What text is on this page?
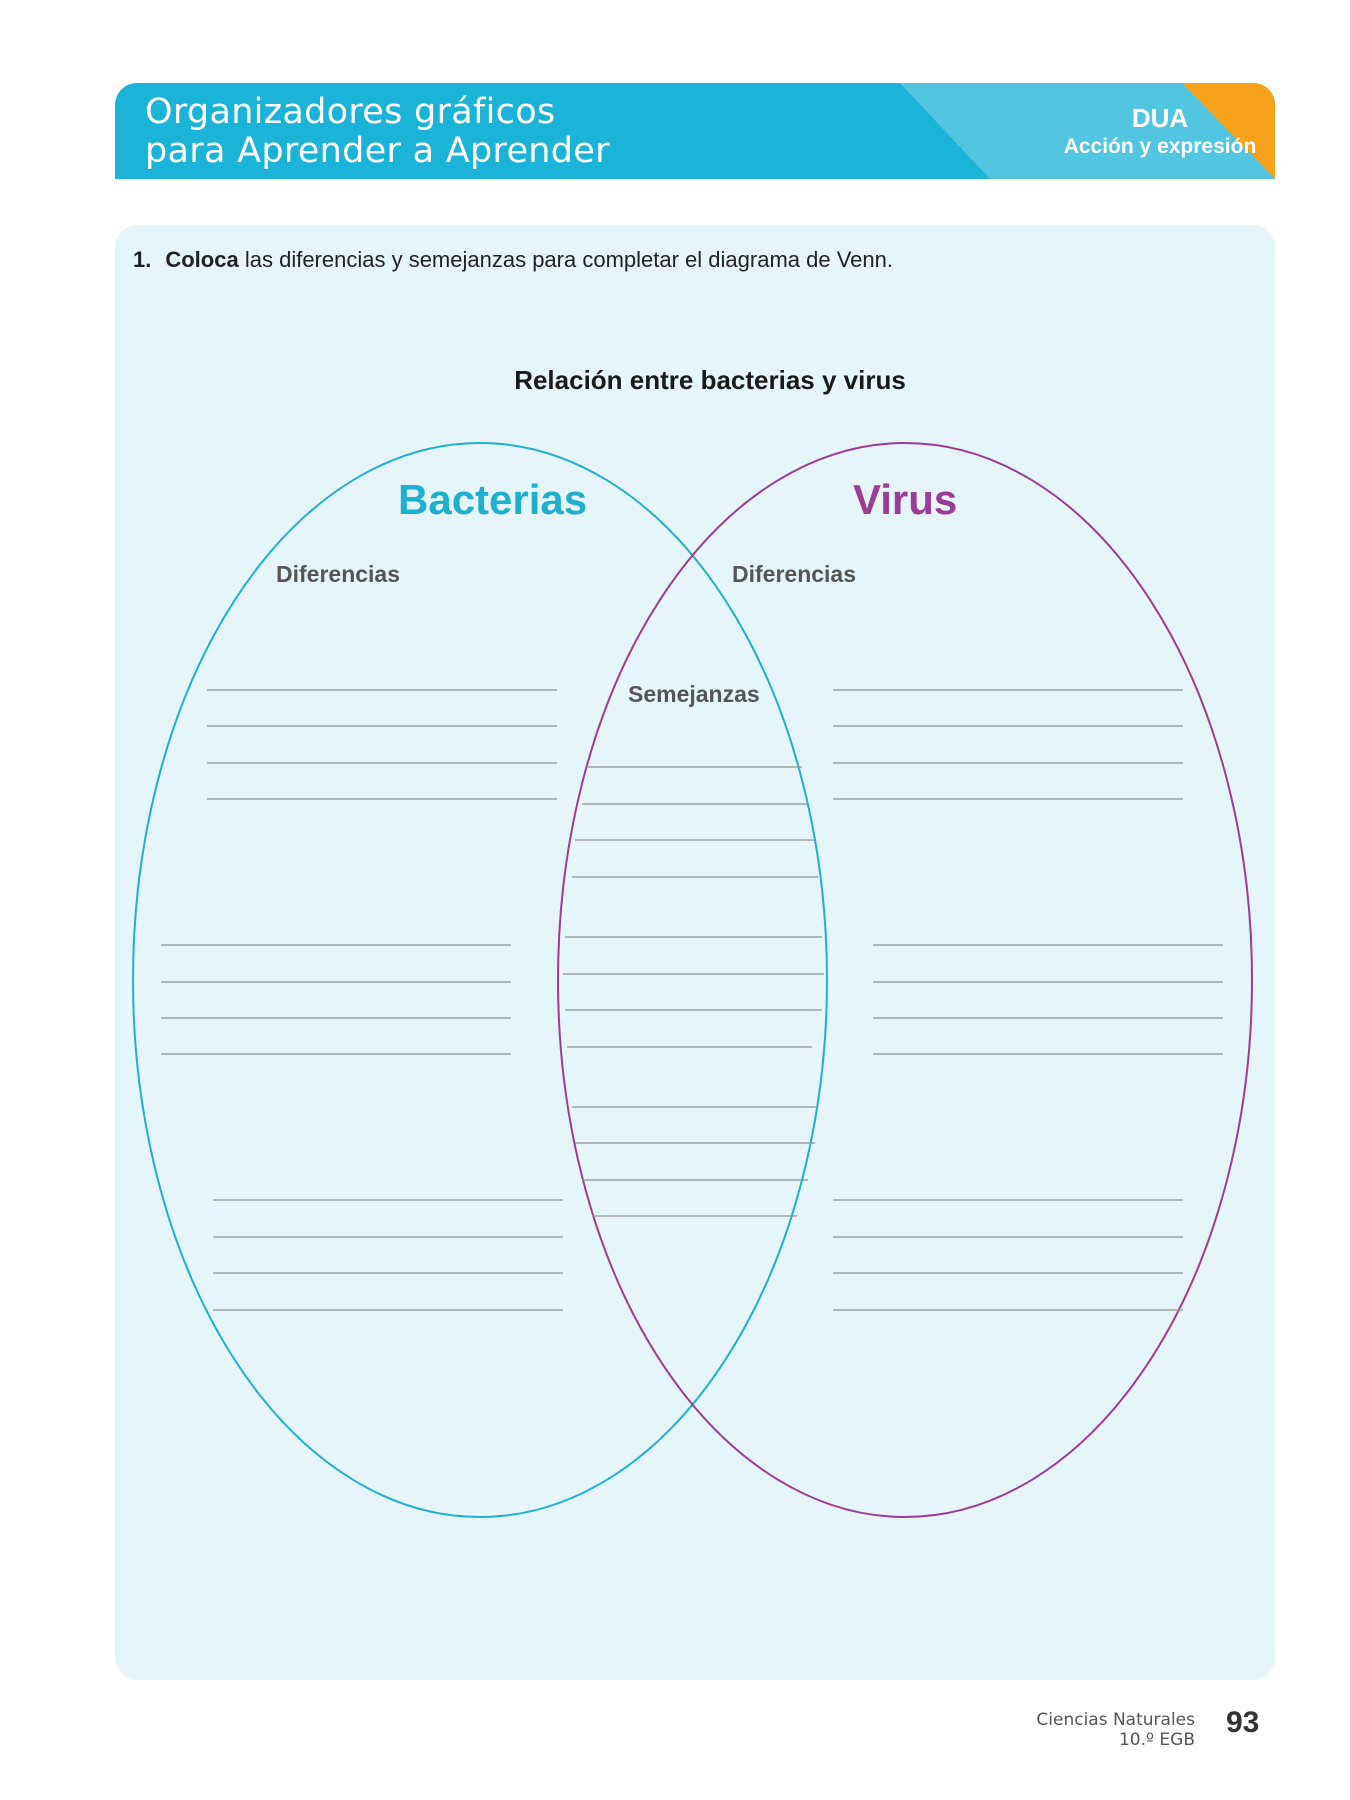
Organizadores gráficos
para Aprender a Aprender
DUA
Acción y expresión
1. Coloca las diferencias y semejanzas para completar el diagrama de Venn.
Relación entre bacterias y virus
Bacterias	Virus
Diferencias	Diferencias
Semejanzas
Ciencias Naturales
10.º EGB
93
